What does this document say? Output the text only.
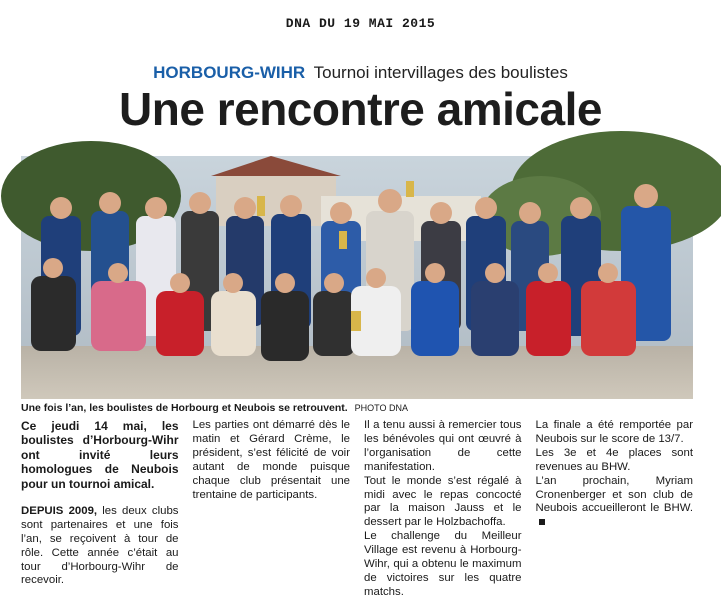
DNA DU 19 MAI 2015
HORBOURG-WIHR Tournoi intervillages des boulistes
Une rencontre amicale
Une fois l’an, les boulistes de Horbourg et Neubois se retrouvent. PHOTO DNA

Ce jeudi 14 mai, les boulistes d’Horbourg-Wihr ont invité leurs homologues de Neubois pour un tournoi amical.

DEPUIS 2009, les deux clubs sont partenaires et une fois l’an, se reçoivent à tour de rôle. Cette année c’était au tour d’Horbourg-Wihr de recevoir.

Les parties ont démarré dès le matin et Gérard Crème, le président, s’est félicité de voir autant de monde puisque chaque club présentait une trentaine de participants.

Il a tenu aussi à remercier tous les bénévoles qui ont œuvré à l’organisation de cette manifestation.

Tout le monde s’est régalé à midi avec le repas concocté par la maison Jauss et le dessert par le Holzbachoffa.

Le challenge du Meilleur Village est revenu à Horbourg-Wihr, qui a obtenu le maximum de victoires sur les quatre matchs.

La finale a été remportée par Neubois sur le score de 13/7.

Les 3e et 4e places sont revenues au BHW.

L’an prochain, Myriam Cronenberger et son club de Neubois accueilleront le BHW.
